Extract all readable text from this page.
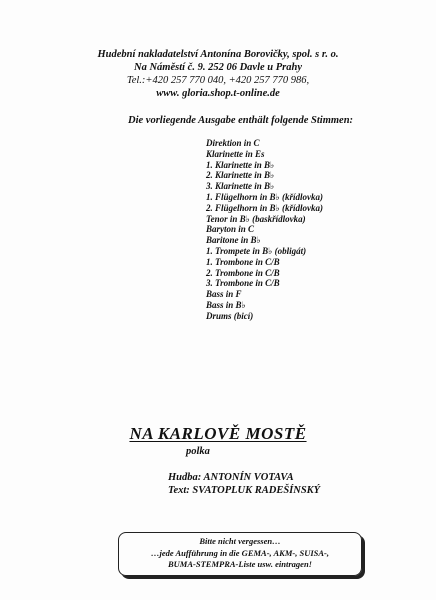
Hudební nakladatelství Antonína Borovičky, spol. s r. o.
Na Náměstí č. 9. 252 06 Davle u Prahy
Tel.:+420 257 770 040, +420 257 770 986,
www. gloria.shop.t-online.de
Die vorliegende Ausgabe enthält folgende Stimmen:
Direktion in C
Klarinette in Es
1. Klarinette in B♭
2. Klarinette in B♭
3. Klarinette in B♭
1. Flügelhorn in B♭ (křídlovka)
2. Flügelhorn in B♭ (křídlovka)
Tenor in B♭ (baskřídlovka)
Baryton in C
Baritone in B♭
1. Trompete in B♭ (obligát)
1. Trombone in C/B
2. Trombone in C/B
3. Trombone in C/B
Bass in F
Bass in B♭
Drums (bicí)
NA KARLOVĚ MOSTĚ
polka
Hudba: ANTONÍN VOTAVA
Text: SVATOPLUK RADEŠÍNSKÝ
Bitte nicht vergessen…
…jede Aufführung in die GEMA-, AKM-, SUISA-,
BUMA-STEMPRA-Liste usw. eintragen!
